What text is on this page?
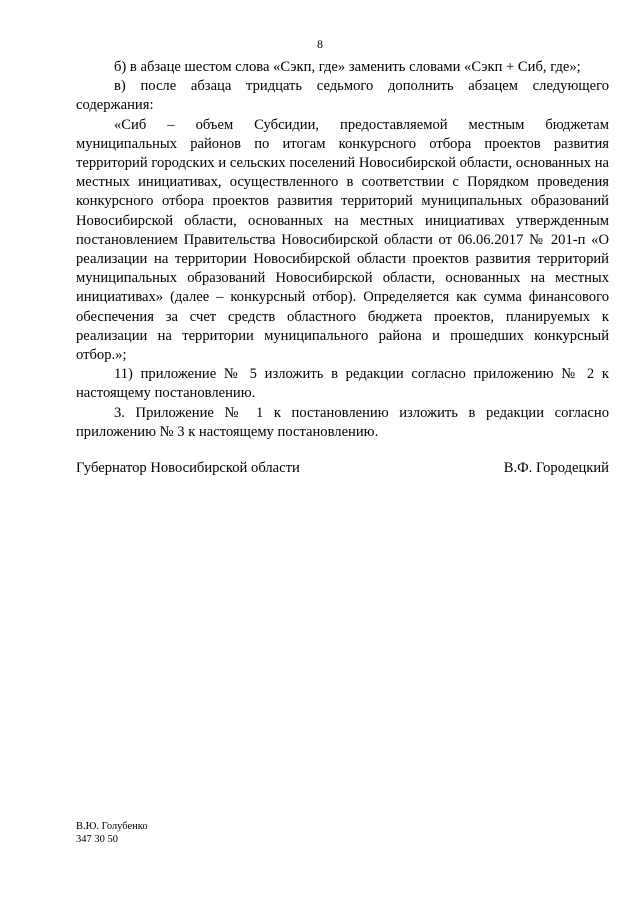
8

б) в абзаце шестом слова «Сэкп, где» заменить словами «Сэкп + Сиб, где»;

в) после абзаца тридцать седьмого дополнить абзацем следующего содержания:

«Сиб – объем Субсидии, предоставляемой местным бюджетам муниципальных районов по итогам конкурсного отбора проектов развития территорий городских и сельских поселений Новосибирской области, основанных на местных инициативах, осуществленного в соответствии с Порядком проведения конкурсного отбора проектов развития территорий муниципальных образований Новосибирской области, основанных на местных инициативах утвержденным постановлением Правительства Новосибирской области от 06.06.2017 № 201-п «О реализации на территории Новосибирской области проектов развития территорий муниципальных образований Новосибирской области, основанных на местных инициативах» (далее – конкурсный отбор). Определяется как сумма финансового обеспечения за счет средств областного бюджета проектов, планируемых к реализации на территории муниципального района и прошедших конкурсный отбор.»;

11) приложение № 5 изложить в редакции согласно приложению № 2 к настоящему постановлению.

3. Приложение № 1 к постановлению изложить в редакции согласно приложению № 3 к настоящему постановлению.

Губернатор Новосибирской области	В.Ф. Городецкий
В.Ю. Голубенко
347 30 50
